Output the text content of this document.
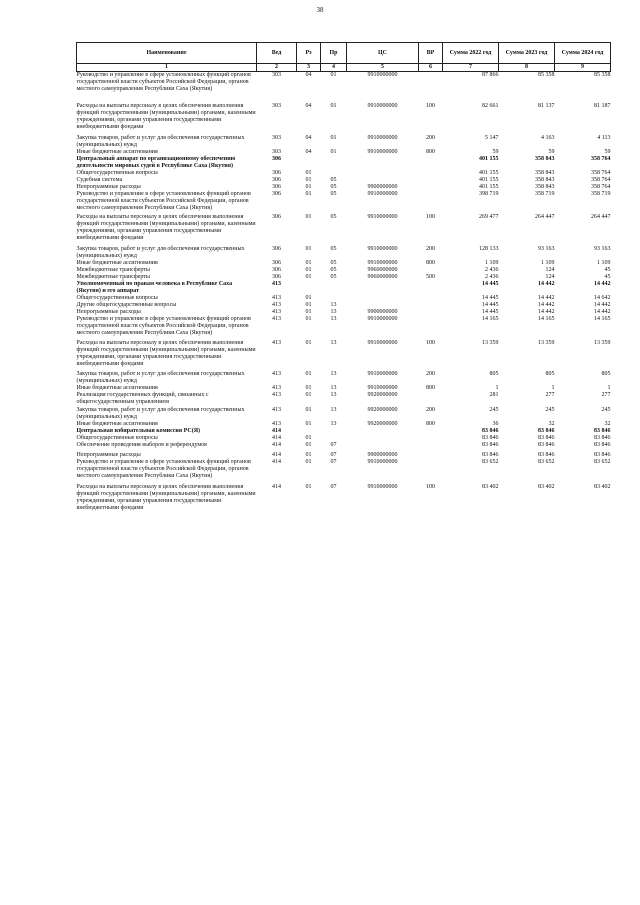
38
Наименование	Вед	Рз	Пр	ЦС	ВР	Сумма 2022 год	Сумма 2023 год	Сумма 2024 год
1	2	3	4	5	6	7	8	9
Руководство и управление в сфере установленных функций органов государственной власти субъектов Российской Федерации, органов местного самоуправления Республики Саха (Якутия)	303	04	01	9910000000		87 866	85 358	85 358

Расходы на выплаты персоналу в целях обеспечения выполнения функций государственными (муниципальными) органами, казенными учреждениями, органами управления государственными внебюджетными фондами	303	04	01	9910000000	100	82 661	81 137	81 187

Закупка товаров, работ и услуг для обеспечения государственных (муниципальных) нужд	303	04	01	9910000000	200	5 147	4 163	4 113
Иные бюджетные ассигнования	303	04	01	9910000000	800	59	59	59
Центральный аппарат по организационному обеспечению деятельности мировых судей в Республике Саха (Якутия)	306					401 155	358 843	358 764
Общегосударственные вопросы	306	01				401 155	358 843	358 764
Судебная система	306	01	05			401 155	358 843	358 764
Непрограммные расходы	306	01	05	9900000000		401 155	358 843	358 764
Руководство и управление в сфере установленных функций органов государственной власти субъектов Российской Федерации, органов местного самоуправления Республики Саха (Якутия)	306	01	05	9910000000		398 719	358 719	358 719

Расходы на выплаты персоналу в целях обеспечения выполнения функций государственными (муниципальными) органами, казенными учреждениями, органами управления государственными внебюджетными фондами	306	01	05	9910000000	100	269 477	264 447	264 447

Закупка товаров, работ и услуг для обеспечения государственных (муниципальных) нужд	306	01	05	9910000000	200	128 133	93 163	93 163
Иные бюджетные ассигнования	306	01	05	9910000000	800	1 109	1 109	1 109
Межбюджетные трансферты	306	01	05	9960000000		2 436	124	45
Межбюджетные трансферты	306	01	05	9960000000	500	2 436	124	45
Уполномоченный по правам человека в Республике Саха (Якутия) и его аппарат	413					14 445	14 442	14 442
Общегосударственные вопросы	413	01				14 445	14 442	14 642
Другие общегосударственные вопросы	413	01	13			14 445	14 442	14 442
Непрограммные расходы	413	01	13	9900000000		14 445	14 442	14 442
Руководство и управление в сфере установленных функций органов государственной власти субъектов Российской Федерации, органов местного самоуправления Республики Саха (Якутия)	413	01	13	9910000000		14 165	14 165	14 165

Расходы на выплаты персоналу в целях обеспечения выполнения функций государственными (муниципальными) органами, казенными учреждениями, органами управления государственными внебюджетными фондами	413	01	13	9910000000	100	13 359	13 359	13 359

Закупка товаров, работ и услуг для обеспечения государственных (муниципальных) нужд	413	01	13	9910000000	200	805	805	805
Иные бюджетные ассигнования	413	01	13	9910000000	800	1	1	1
Реализация государственных функций, связанных с общегосударственным управлением	413	01	13	9920000000		281	277	277

Закупка товаров, работ и услуг для обеспечения государственных (муниципальных) нужд	413	01	13	9920000000	200	245	245	245
Иные бюджетные ассигнования	413	01	13	9920000000	800	36	32	32
Центральная избирательная комиссия РС(Я)	414					83 846	83 846	83 846
Общегосударственные вопросы	414	01				83 846	83 846	83 846
Обеспечение проведения выборов и референдумов	414	01	07			83 846	83 846	83 846

Непрограммные расходы	414	01	07	9900000000		83 846	83 846	83 846
Руководство и управление в сфере установленных функций органов государственной власти субъектов Российской Федерации, органов местного самоуправления Республики Саха (Якутия)	414	01	07	9910000000		83 652	83 652	83 652

Расходы на выплаты персоналу в целях обеспечения выполнения функций государственными (муниципальными) органами, казенными учреждениями, органами управления государственными внебюджетными фондами	414	01	07	9910000000	100	83 402	83 402	83 402
